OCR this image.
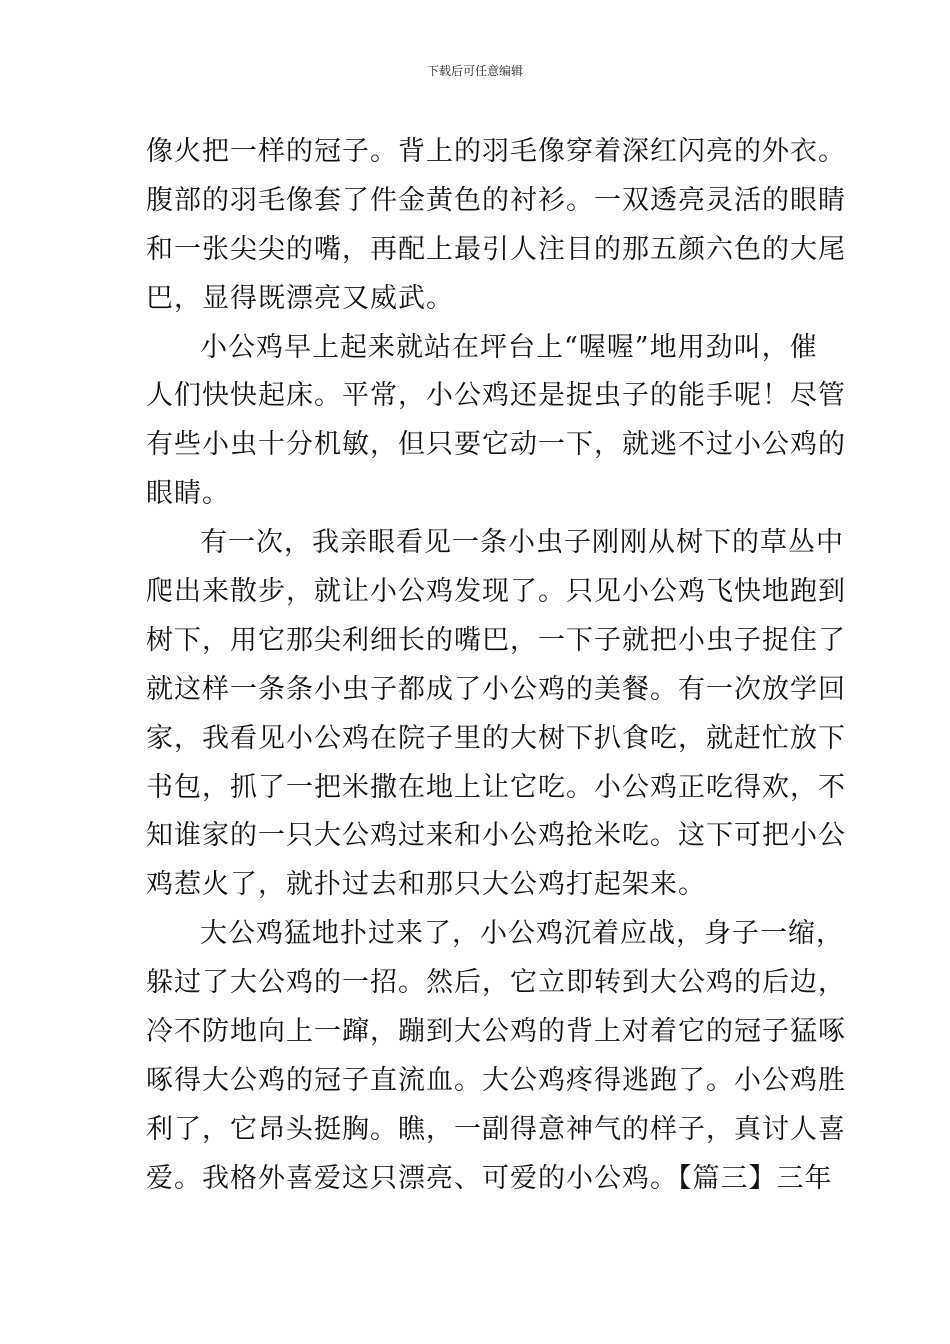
下载后可任意编辑
像火把一样的冠子。背上的羽毛像穿着深红闪亮的外衣。
腹部的羽毛像套了件金黄色的衬衫。一双透亮灵活的眼睛
和一张尖尖的嘴，再配上最引人注目的那五颜六色的大尾
巴，显得既漂亮又威武。
小公鸡早上起来就站在坪台上“喔喔”地用劲叫，催
人们快快起床。平常，小公鸡还是捉虫子的能手呢！尽管
有些小虫十分机敏，但只要它动一下，就逃不过小公鸡的
眼睛。
有一次，我亲眼看见一条小虫子刚刚从树下的草丛中
爬出来散步，就让小公鸡发现了。只见小公鸡飞快地跑到
树下，用它那尖利细长的嘴巴，一下子就把小虫子捉住了
就这样一条条小虫子都成了小公鸡的美餐。有一次放学回
家，我看见小公鸡在院子里的大树下扒食吃，就赶忙放下
书包，抓了一把米撒在地上让它吃。小公鸡正吃得欢，不
知谁家的一只大公鸡过来和小公鸡抢米吃。这下可把小公
鸡惹火了，就扑过去和那只大公鸡打起架来。
大公鸡猛地扑过来了，小公鸡沉着应战，身子一缩，
躲过了大公鸡的一招。然后，它立即转到大公鸡的后边，
冷不防地向上一蹿，蹦到大公鸡的背上对着它的冠子猛啄
啄得大公鸡的冠子直流血。大公鸡疼得逃跑了。小公鸡胜
利了，它昂头挺胸。瞧，一副得意神气的样子，真讨人喜
爱。我格外喜爱这只漂亮、可爱的小公鸡。【篇三】三年
